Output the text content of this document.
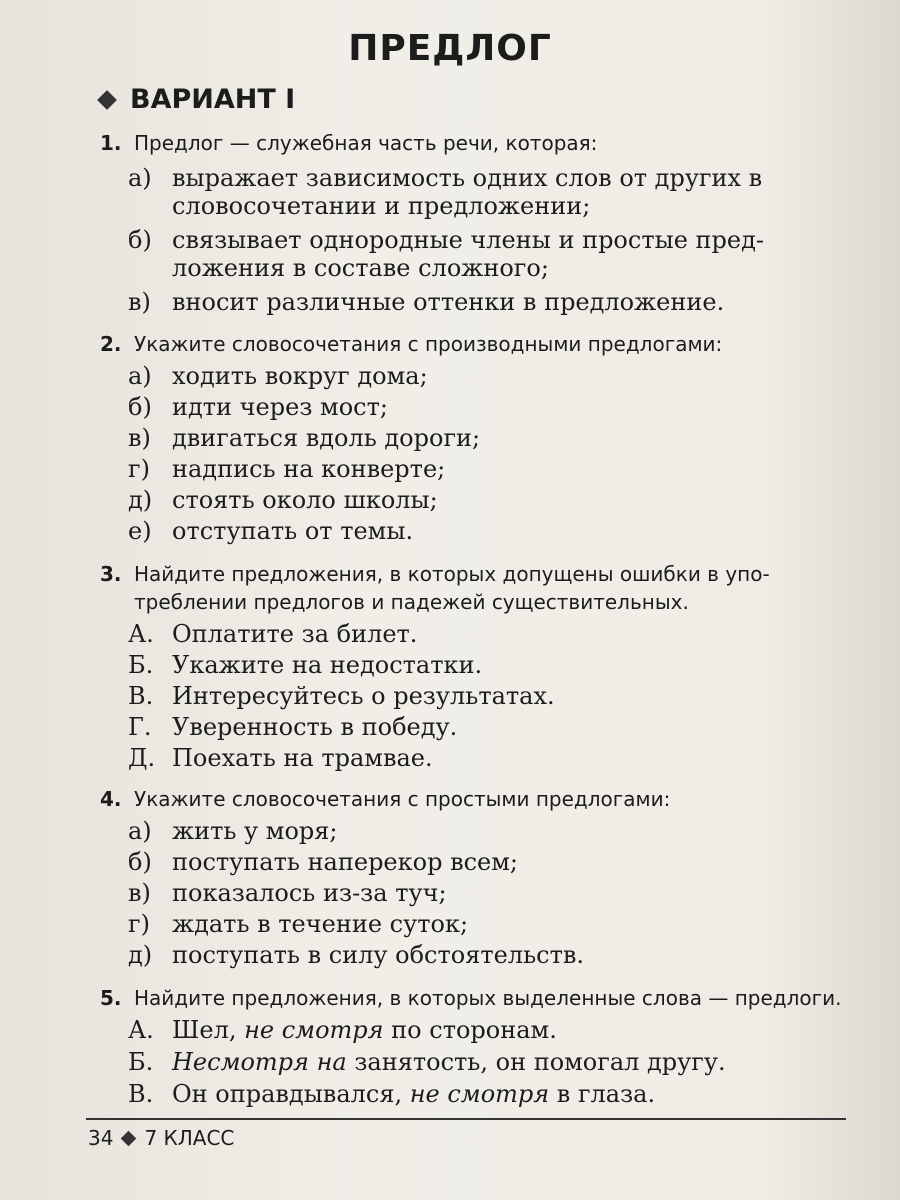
ПРЕДЛОГ
ВАРИАНТ I
1. Предлог — служебная часть речи, которая:
а) выражает зависимость одних слов от других в
словосочетании и предложении;
б) связывает однородные члены и простые пред-
ложения в составе сложного;
в) вносит различные оттенки в предложение.
2. Укажите словосочетания с производными предлогами:
а) ходить вокруг дома;
б) идти через мост;
в) двигаться вдоль дороги;
г) надпись на конверте;
д) стоять около школы;
е) отступать от темы.
3. Найдите предложения, в которых допущены ошибки в упо-
треблении предлогов и падежей существительных.
А. Оплатите за билет.
Б. Укажите на недостатки.
В. Интересуйтесь о результатах.
Г. Уверенность в победу.
Д. Поехать на трамвае.
4. Укажите словосочетания с простыми предлогами:
а) жить у моря;
б) поступать наперекор всем;
в) показалось из-за туч;
г) ждать в течение суток;
д) поступать в силу обстоятельств.
5. Найдите предложения, в которых выделенные слова — предлоги.
А. Шел, не смотря по сторонам.
Б. Несмотря на занятость, он помогал другу.
В. Он оправдывался, не смотря в глаза.
34 7 КЛАСС
